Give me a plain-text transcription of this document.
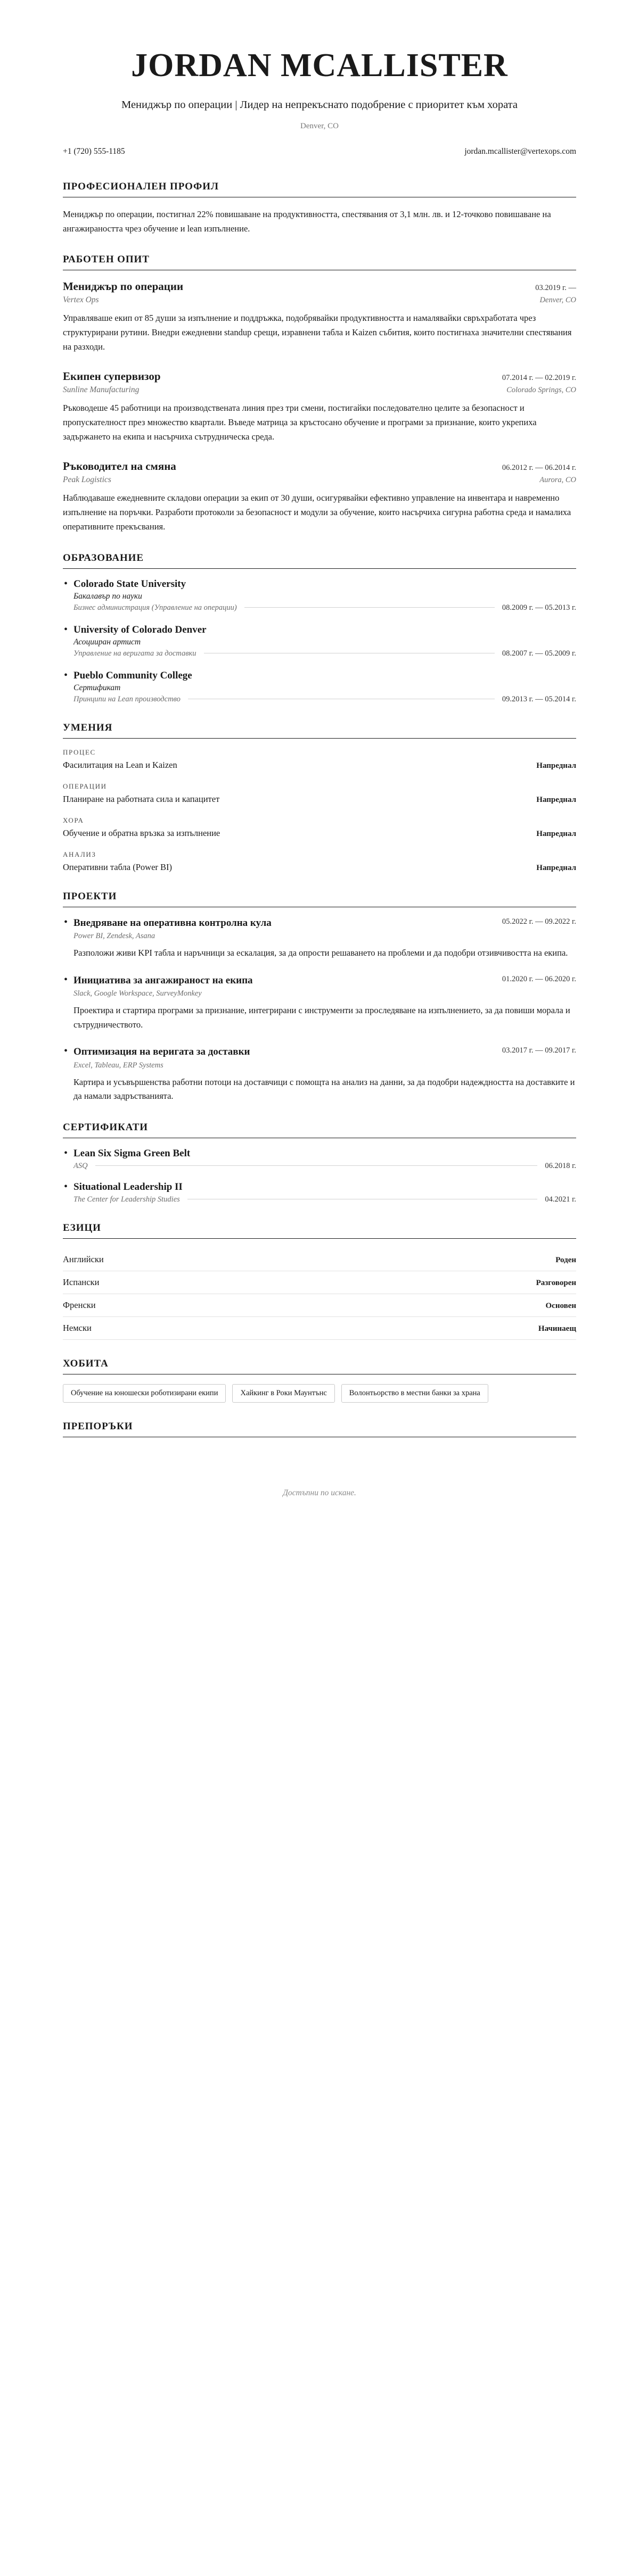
JORDAN MCALLISTER
Мениджър по операции | Лидер на непрекъснато подобрение с приоритет към хората
Denver, CO
+1 (720) 555-1185	jordan.mcallister@vertexops.com
ПРОФЕСИОНАЛЕН ПРОФИЛ

Мениджър по операции, постигнал 22% повишаване на продуктивността, спестявания от 3,1 млн. лв. и 12-точково повишаване на ангажираността чрез обучение и lean изпълнение.

РАБОТЕН ОПИТ
Мениджър по операции	03.2019 г. —
Vertex Ops	Denver, CO
Управлявaше екип от 85 души за изпълнение и поддръжка, подобрявайки продуктивността и намалявайки свръхработата чрез структурирани рутини. Внедри ежедневни standup срещи, изравнени табла и Kaizen събития, които постигнаха значителни спестявания на разходи.
Екипен супервизор	07.2014 г. — 02.2019 г.
Sunline Manufacturing	Colorado Springs, CO
Ръководеше 45 работници на производствената линия през три смени, постигайки последователно целите за безопасност и пропускателност през множество квартали. Въведе матрица за кръстосано обучение и програми за признание, които укрепиха задържането на екипа и насърчиха сътрудническа среда.
Ръководител на смяна	06.2012 г. — 06.2014 г.
Peak Logistics	Aurora, CO
Наблюдаваше ежедневните складови операции за екип от 30 души, осигурявайки ефективно управление на инвентара и навременно изпълнение на поръчки. Разработи протоколи за безопасност и модули за обучение, които насърчиха сигурна работна среда и намалиха оперативните прекъсвания.
ОБРАЗОВАНИЕ
• Colorado State University
Бакалавър по науки
Бизнес администрация (Управление на операции)	08.2009 г. — 05.2013 г.
• University of Colorado Denver
Асоцииран артист
Управление на веригата за доставки	08.2007 г. — 05.2009 г.
• Pueblo Community College
Сертификат
Принципи на Lean производство	09.2013 г. — 05.2014 г.
УМЕНИЯ
ПРОЦЕС
Фасилитация на Lean и Kaizen	Напреднал
ОПЕРАЦИИ
Планиране на работната сила и капацитет	Напреднал
ХОРА
Обучение и обратна връзка за изпълнение	Напреднал
АНАЛИЗ
Оперативни табла (Power BI)	Напреднал
ПРОЕКТИ
• Внедряване на оперативна контролна кула	05.2022 г. — 09.2022 г.
Power BI, Zendesk, Asana
Разположи живи KPI табла и наръчници за ескалация, за да опрости решаването на проблеми и да подобри отзивчивостта на екипа.
• Инициатива за ангажираност на екипа	01.2020 г. — 06.2020 г.
Slack, Google Workspace, SurveyMonkey
Проектира и стартира програми за признание, интегрирани с инструменти за проследяване на изпълнението, за да повиши морала и сътрудничеството.
• Оптимизация на веригата за доставки	03.2017 г. — 09.2017 г.
Excel, Tableau, ERP Systems
Картира и усъвършенства работни потоци на доставчици с помощта на анализ на данни, за да подобри надеждността на доставките и да намали задръстванията.
СЕРТИФИКАТИ
• Lean Six Sigma Green Belt
ASQ	06.2018 г.
• Situational Leadership II
The Center for Leadership Studies	04.2021 г.
ЕЗИЦИ
Английски	Роден
Испански	Разговорен
Френски	Основен
Немски	Начинаещ
ХОБИТА
Обучение на юношески роботизирани екипи	Хайкинг в Роки Маунтънс	Волонтьорство в местни банки за храна
ПРЕПОРЪКИ
Достъпни по искане.
